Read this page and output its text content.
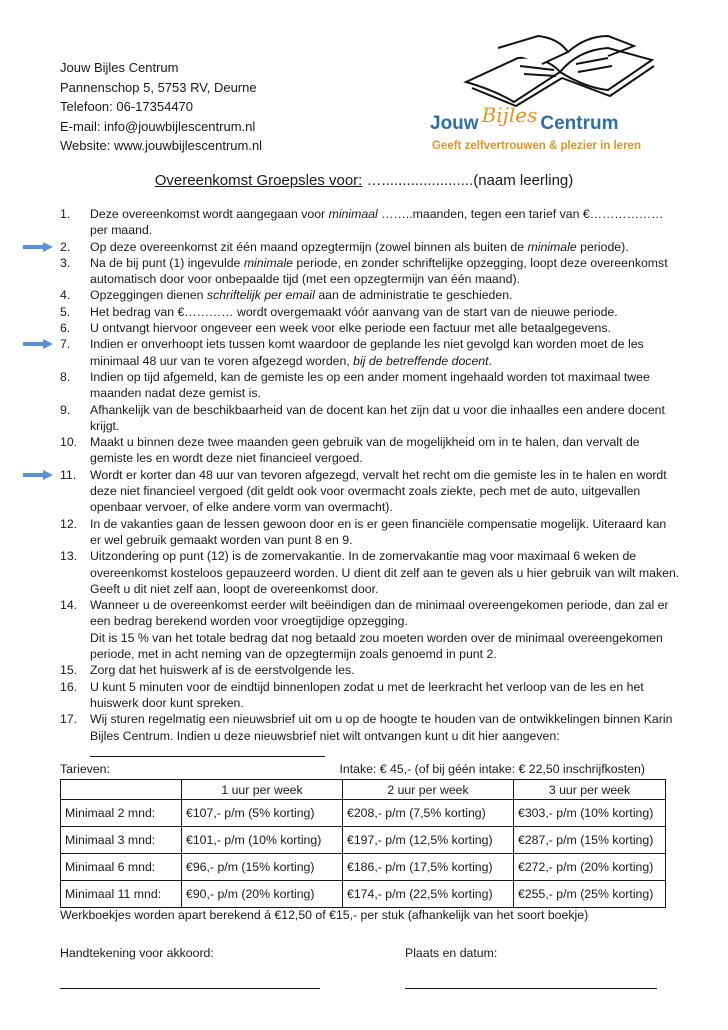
Jouw Bijles Centrum
Pannenschop 5, 5753 RV, Deurne
Telefoon: 06-17354470
E-mail: info@jouwbijlescentrum.nl
Website: www.jouwbijlescentrum.nl
Jouw Bijles Centrum
Geeft zelfvertrouwen & plezier in leren
Overeenkomst Groepsles voor: …......................(naam leerling)
1. Deze overeenkomst wordt aangegaan voor minimaal ……..maanden, tegen een tarief van €……………… per maand.
2. Op deze overeenkomst zit één maand opzegtermijn (zowel binnen als buiten de minimale periode).
3. Na de bij punt (1) ingevulde minimale periode, en zonder schriftelijke opzegging, loopt deze overeenkomst automatisch door voor onbepaalde tijd (met een opzegtermijn van één maand).
4. Opzeggingen dienen schriftelijk per email aan de administratie te geschieden.
5. Het bedrag van €………… wordt overgemaakt vóór aanvang van de start van de nieuwe periode.
6. U ontvangt hiervoor ongeveer een week voor elke periode een factuur met alle betaalgegevens.
7. Indien er onverhoopt iets tussen komt waardoor de geplande les niet gevolgd kan worden moet de les minimaal 48 uur van te voren afgezegd worden, bij de betreffende docent.
8. Indien op tijd afgemeld, kan de gemiste les op een ander moment ingehaald worden tot maximaal twee maanden nadat deze gemist is.
9. Afhankelijk van de beschikbaarheid van de docent kan het zijn dat u voor die inhaalles een andere docent krijgt.
10. Maakt u binnen deze twee maanden geen gebruik van de mogelijkheid om in te halen, dan vervalt de gemiste les en wordt deze niet financieel vergoed.
11. Wordt er korter dan 48 uur van tevoren afgezegd, vervalt het recht om die gemiste les in te halen en wordt deze niet financieel vergoed (dit geldt ook voor overmacht zoals ziekte, pech met de auto, uitgevallen openbaar vervoer, of elke andere vorm van overmacht).
12. In de vakanties gaan de lessen gewoon door en is er geen financiële compensatie mogelijk. Uiteraard kan er wel gebruik gemaakt worden van punt 8 en 9.
13. Uitzondering op punt (12) is de zomervakantie. In de zomervakantie mag voor maximaal 6 weken de overeenkomst kosteloos gepauzeerd worden. U dient dit zelf aan te geven als u hier gebruik van wilt maken. Geeft u dit niet zelf aan, loopt de overeenkomst door.
14. Wanneer u de overeenkomst eerder wilt beëindigen dan de minimaal overeengekomen periode, dan zal er een bedrag berekend worden voor vroegtijdige opzegging.
Dit is 15 % van het totale bedrag dat nog betaald zou moeten worden over de minimaal overeengekomen periode, met in acht neming van de opzegtermijn zoals genoemd in punt 2.
15. Zorg dat het huiswerk af is de eerstvolgende les.
16. U kunt 5 minuten voor de eindtijd binnenlopen zodat u met de leerkracht het verloop van de les en het huiswerk door kunt spreken.
17. Wij sturen regelmatig een nieuwsbrief uit om u op de hoogte te houden van de ontwikkelingen binnen Karin Bijles Centrum. Indien u deze nieuwsbrief niet wilt ontvangen kunt u dit hier aangeven:
Tarieven:	Intake: € 45,- (of bij géén intake: € 22,50 inschrijfkosten)
	1 uur per week	2 uur per week	3 uur per week
Minimaal 2 mnd:	€107,- p/m (5% korting)	€208,- p/m (7,5% korting)	€303,- p/m (10% korting)
Minimaal 3 mnd:	€101,- p/m (10% korting)	€197,- p/m (12,5% korting)	€287,- p/m (15% korting)
Minimaal 6 mnd:	€96,- p/m (15% korting)	€186,- p/m (17,5% korting)	€272,- p/m (20% korting)
Minimaal 11 mnd:	€90,- p/m (20% korting)	€174,- p/m (22,5% korting)	€255,- p/m (25% korting)
Werkboekjes worden apart berekend á €12,50 of €15,- per stuk (afhankelijk van het soort boekje)
Handtekening voor akkoord:	Plaats en datum:
